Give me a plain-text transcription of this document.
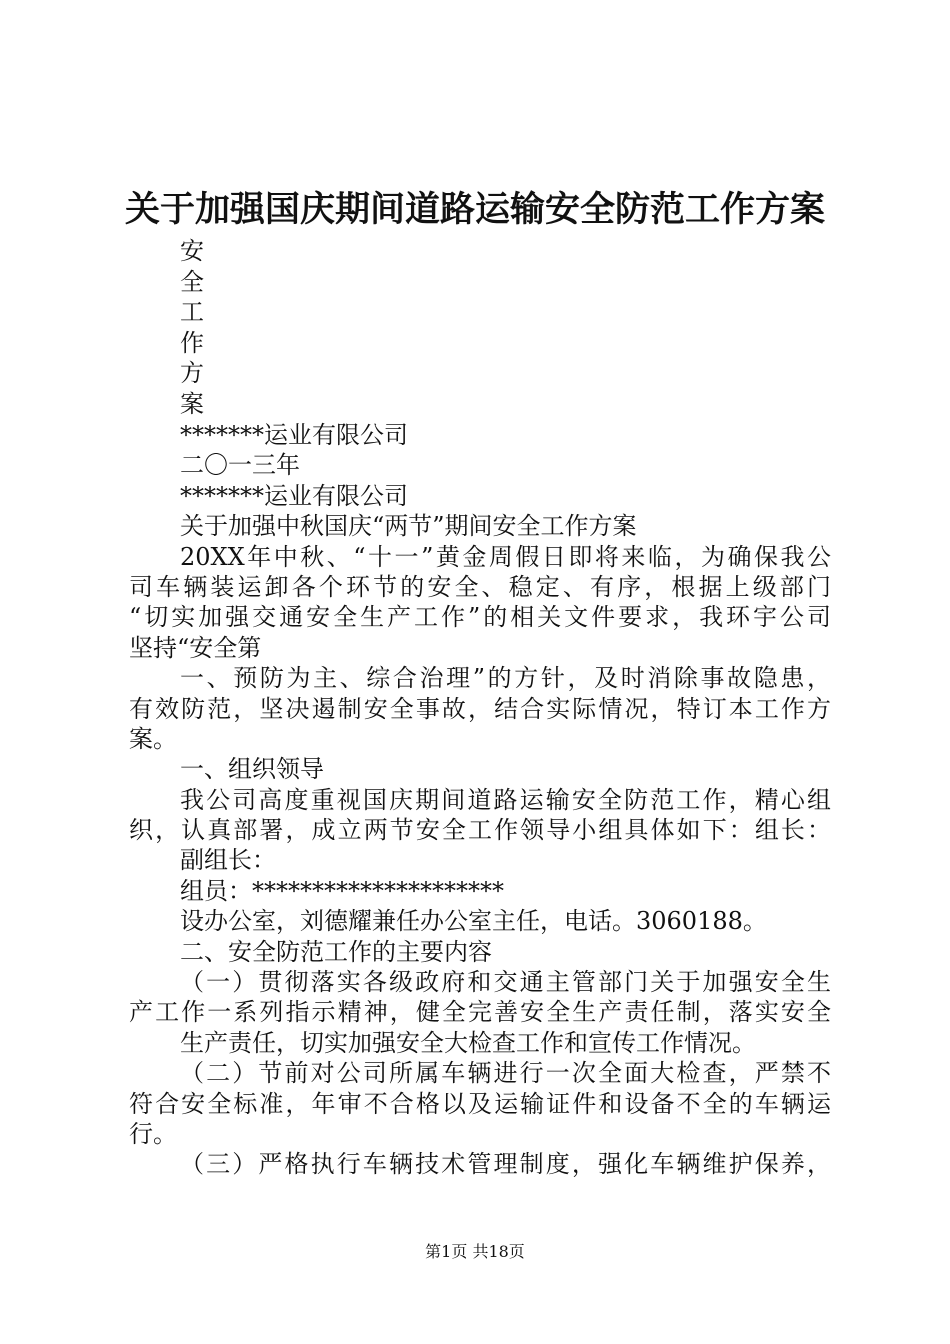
关于加强国庆期间道路运输安全防范工作方案
安
全
工
作
方
案
*******运业有限公司
二〇一三年
*******运业有限公司
关于加强中秋国庆“两节”期间安全工作方案
20XX年中秋、“十一”黄金周假日即将来临，为确保我公
司车辆装运卸各个环节的安全、稳定、有序，根据上级部门
“切实加强交通安全生产工作”的相关文件要求，我环宇公司
坚持“安全第
一、预防为主、综合治理”的方针，及时消除事故隐患，
有效防范，坚决遏制安全事故，结合实际情况，特订本工作方
案。
一、组织领导
我公司高度重视国庆期间道路运输安全防范工作，精心组
织，认真部署，成立两节安全工作领导小组具体如下：组长：
副组长：
组员：*********************
设办公室，刘德耀兼任办公室主任，电话。3060188。
二、安全防范工作的主要内容
（一）贯彻落实各级政府和交通主管部门关于加强安全生
产工作一系列指示精神，健全完善安全生产责任制，落实安全
生产责任，切实加强安全大检查工作和宣传工作情况。
（二）节前对公司所属车辆进行一次全面大检查，严禁不
符合安全标准，年审不合格以及运输证件和设备不全的车辆运
行。
（三）严格执行车辆技术管理制度，强化车辆维护保养，
第1页 共18页
